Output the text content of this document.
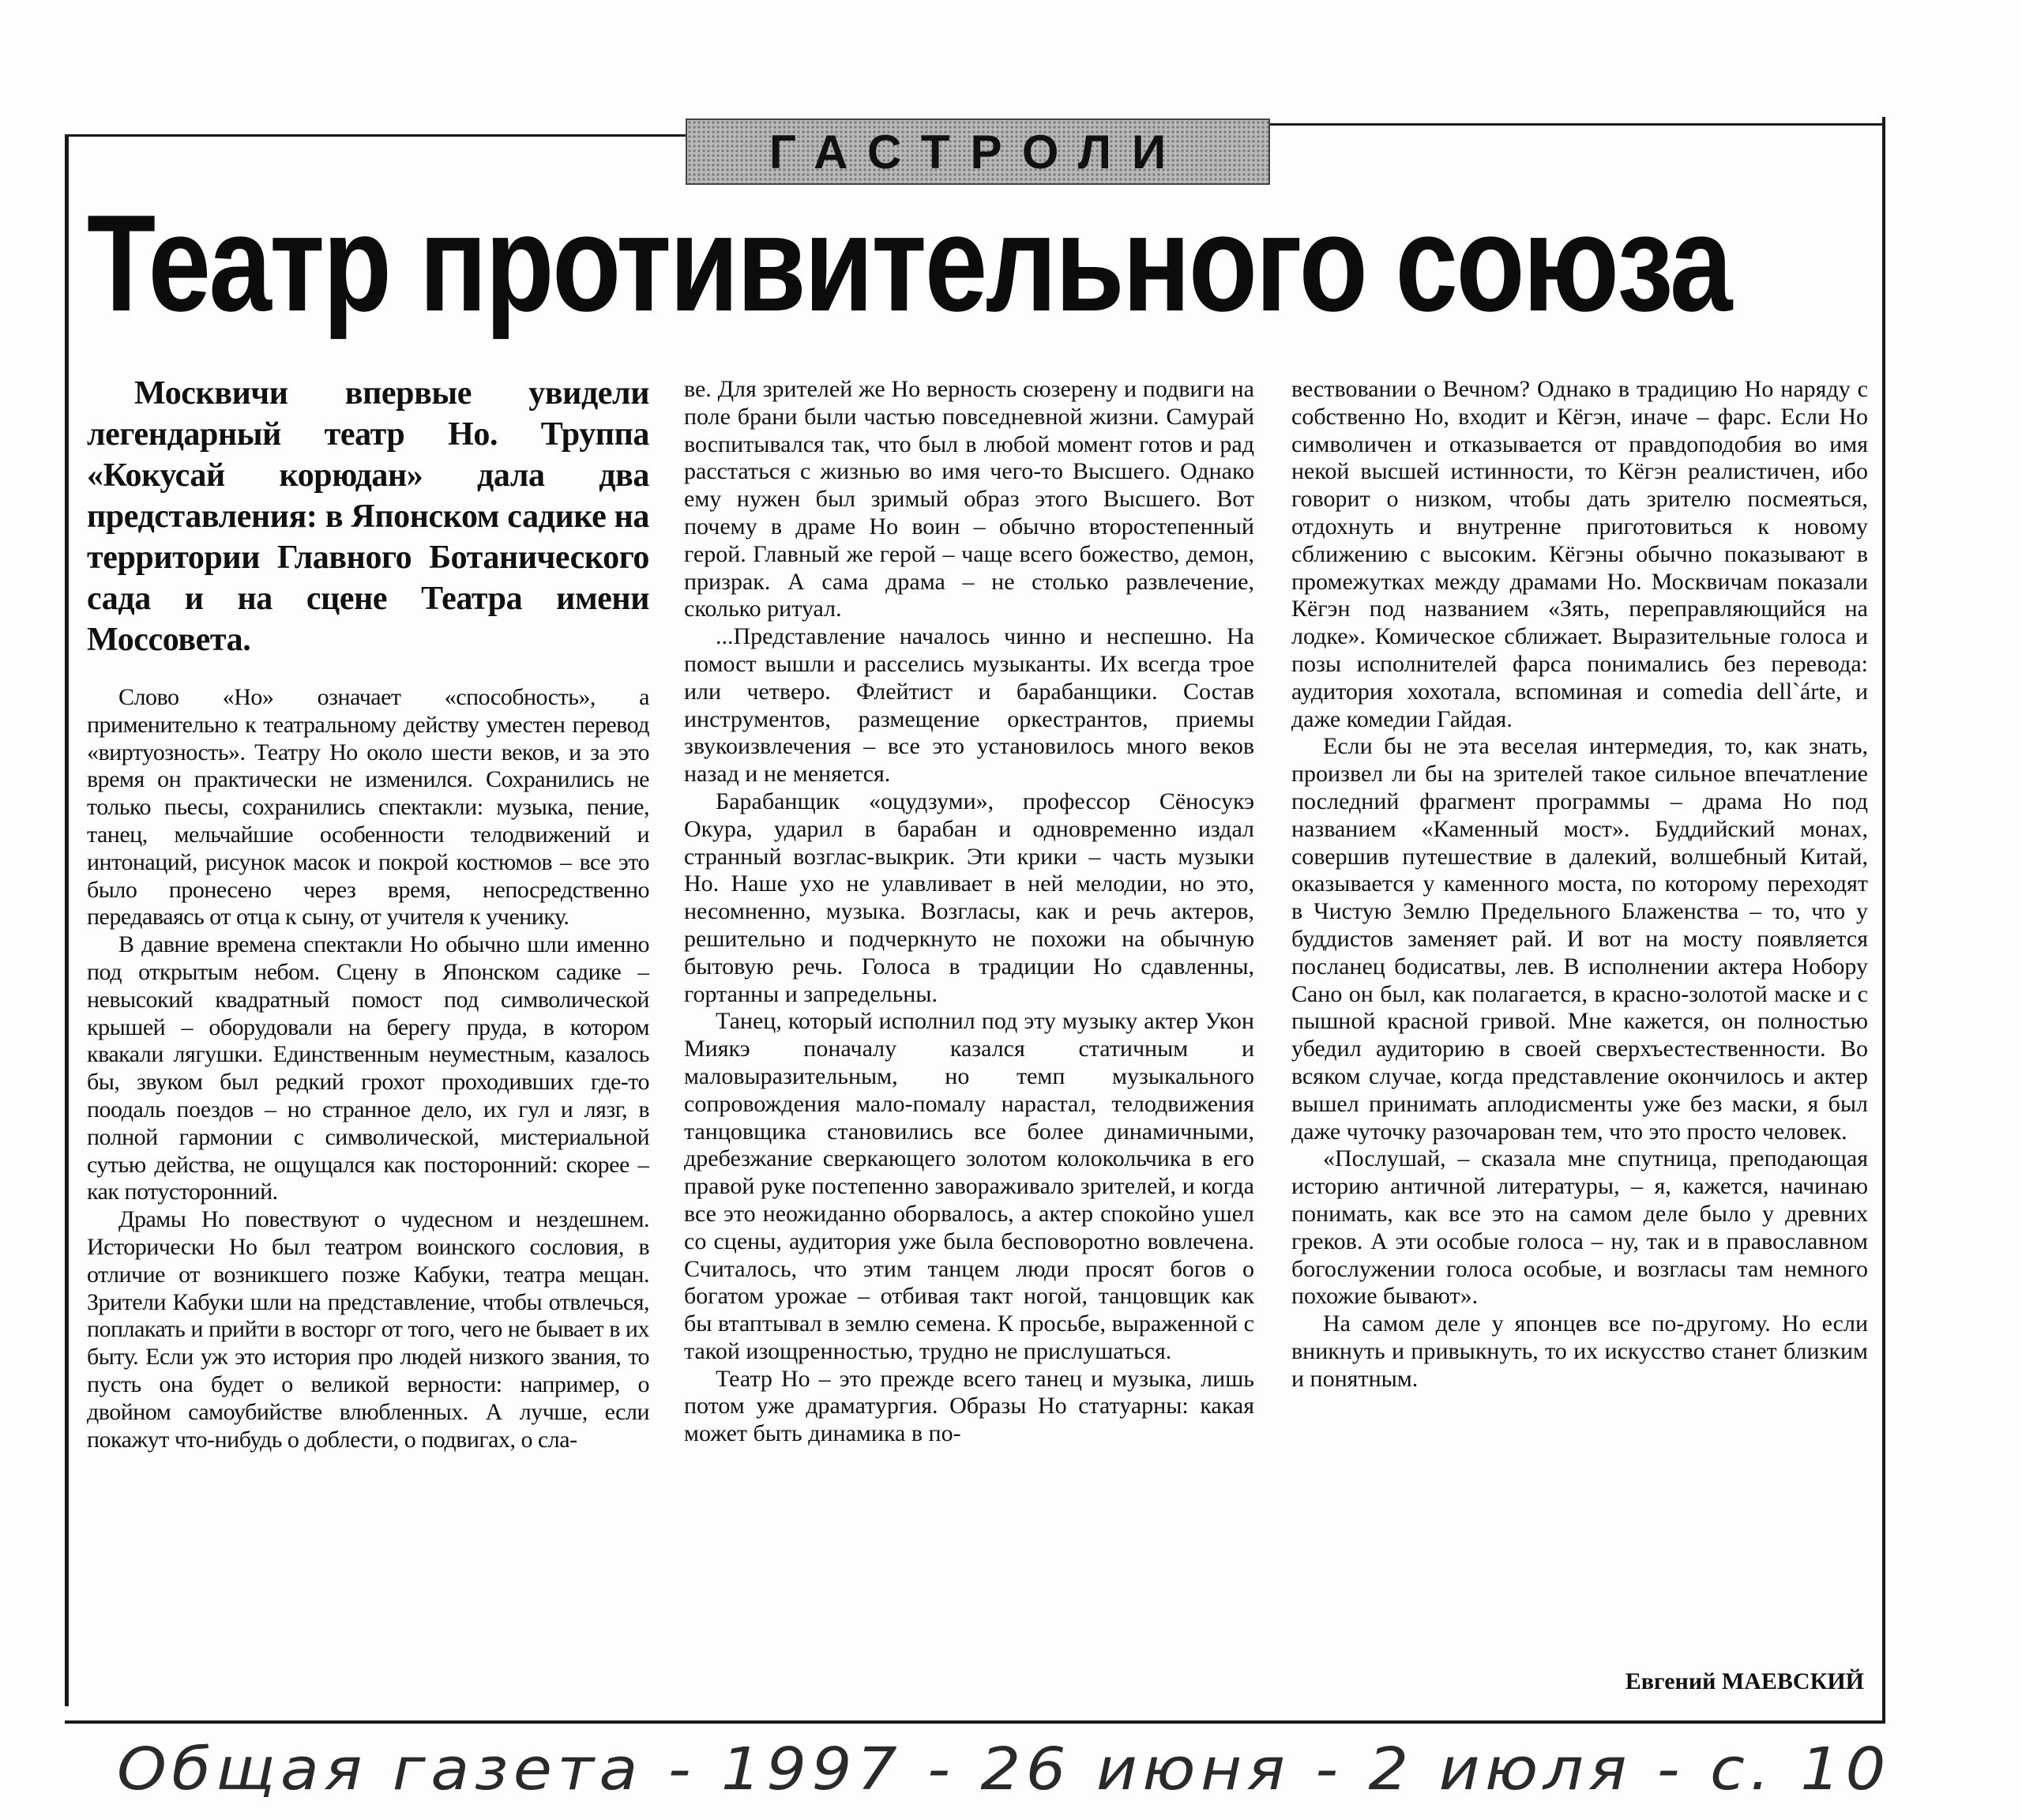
ГАСТРОЛИ
Театр противительного союза

Москвичи впервые увидели легендарный театр Но. Труппа «Кокусай корюдан» дала два представления: в Японском садике на территории Главного Ботанического сада и на сцене Театра имени Моссовета.

Слово «Но» означает «способность», а применительно к театральному действу уместен перевод «виртуозность». Театру Но около шести веков, и за это время он практически не изменился. Сохранились не только пьесы, сохранились спектакли: музыка, пение, танец, мельчайшие особенности телодвижений и интонаций, рисунок масок и покрой костюмов – все это было пронесено через время, непосредственно передаваясь от отца к сыну, от учителя к ученику.

В давние времена спектакли Но обычно шли именно под открытым небом. Сцену в Японском садике – невысокий квадратный помост под символической крышей – оборудовали на берегу пруда, в котором квакали лягушки. Единственным неуместным, казалось бы, звуком был редкий грохот проходивших где-то поодаль поездов – но странное дело, их гул и лязг, в полной гармонии с символической, мистериальной сутью действа, не ощущался как посторонний: скорее – как потусторонний.

Драмы Но повествуют о чудесном и нездешнем. Исторически Но был театром воинского сословия, в отличие от возникшего позже Кабуки, театра мещан. Зрители Кабуки шли на представление, чтобы отвлечься, поплакать и прийти в восторг от того, чего не бывает в их быту. Если уж это история про людей низкого звания, то пусть она будет о великой верности: например, о двойном самоубийстве влюбленных. А лучше, если покажут что-нибудь о доблести, о подвигах, о сла-

ве. Для зрителей же Но верность сюзерену и подвиги на поле брани были частью повседневной жизни. Самурай воспитывался так, что был в любой момент готов и рад расстаться с жизнью во имя чего-то Высшего. Однако ему нужен был зримый образ этого Высшего. Вот почему в драме Но воин – обычно второстепенный герой. Главный же герой – чаще всего божество, демон, призрак. А сама драма – не столько развлечение, сколько ритуал.

...Представление началось чинно и неспешно. На помост вышли и расселись музыканты. Их всегда трое или четверо. Флейтист и барабанщики. Состав инструментов, размещение оркестрантов, приемы звукоизвлечения – все это установилось много веков назад и не меняется.

Барабанщик «оцудзуми», профессор Сёносукэ Окура, ударил в барабан и одновременно издал странный возглас-выкрик. Эти крики – часть музыки Но. Наше ухо не улавливает в ней мелодии, но это, несомненно, музыка. Возгласы, как и речь актеров, решительно и подчеркнуто не похожи на обычную бытовую речь. Голоса в традиции Но сдавленны, гортанны и запредельны.

Танец, который исполнил под эту музыку актер Укон Миякэ поначалу казался статичным и маловыразительным, но темп музыкального сопровождения мало-помалу нарастал, телодвижения танцовщика становились все более динамичными, дребезжание сверкающего золотом колокольчика в его правой руке постепенно завораживало зрителей, и когда все это неожиданно оборвалось, а актер спокойно ушел со сцены, аудитория уже была бесповоротно вовлечена. Считалось, что этим танцем люди просят богов о богатом урожае – отбивая такт ногой, танцовщик как бы втаптывал в землю семена. К просьбе, выраженной с такой изощренностью, трудно не прислушаться.

Театр Но – это прежде всего танец и музыка, лишь потом уже драматургия. Образы Но статуарны: какая может быть динамика в по-

вествовании о Вечном? Однако в традицию Но наряду с собственно Но, входит и Кёгэн, иначе – фарс. Если Но символичен и отказывается от правдоподобия во имя некой высшей истинности, то Кёгэн реалистичен, ибо говорит о низком, чтобы дать зрителю посмеяться, отдохнуть и внутренне приготовиться к новому сближению с высоким. Кёгэны обычно показывают в промежутках между драмами Но. Москвичам показали Кёгэн под названием «Зять, переправляющийся на лодке». Комическое сближает. Выразительные голоса и позы исполнителей фарса понимались без перевода: аудитория хохотала, вспоминая и comedia dell`árte, и даже комедии Гайдая.

Если бы не эта веселая интермедия, то, как знать, произвел ли бы на зрителей такое сильное впечатление последний фрагмент программы – драма Но под названием «Каменный мост». Буддийский монах, совершив путешествие в далекий, волшебный Китай, оказывается у каменного моста, по которому переходят в Чистую Землю Предельного Блаженства – то, что у буддистов заменяет рай. И вот на мосту появляется посланец бодисатвы, лев. В исполнении актера Нобору Сано он был, как полагается, в красно-золотой маске и с пышной красной гривой. Мне кажется, он полностью убедил аудиторию в своей сверхъестественности. Во всяком случае, когда представление окончилось и актер вышел принимать аплодисменты уже без маски, я был даже чуточку разочарован тем, что это просто человек.

«Послушай, – сказала мне спутница, преподающая историю античной литературы, – я, кажется, начинаю понимать, как все это на самом деле было у древних греков. А эти особые голоса – ну, так и в православном богослужении голоса особые, и возгласы там немного похожие бывают».

На самом деле у японцев все по-другому. Но если вникнуть и привыкнуть, то их искусство станет близким и понятным.

Евгений МАЕВСКИЙ
Общая газета - 1997 - 26 июня - 2 июля - с. 10
